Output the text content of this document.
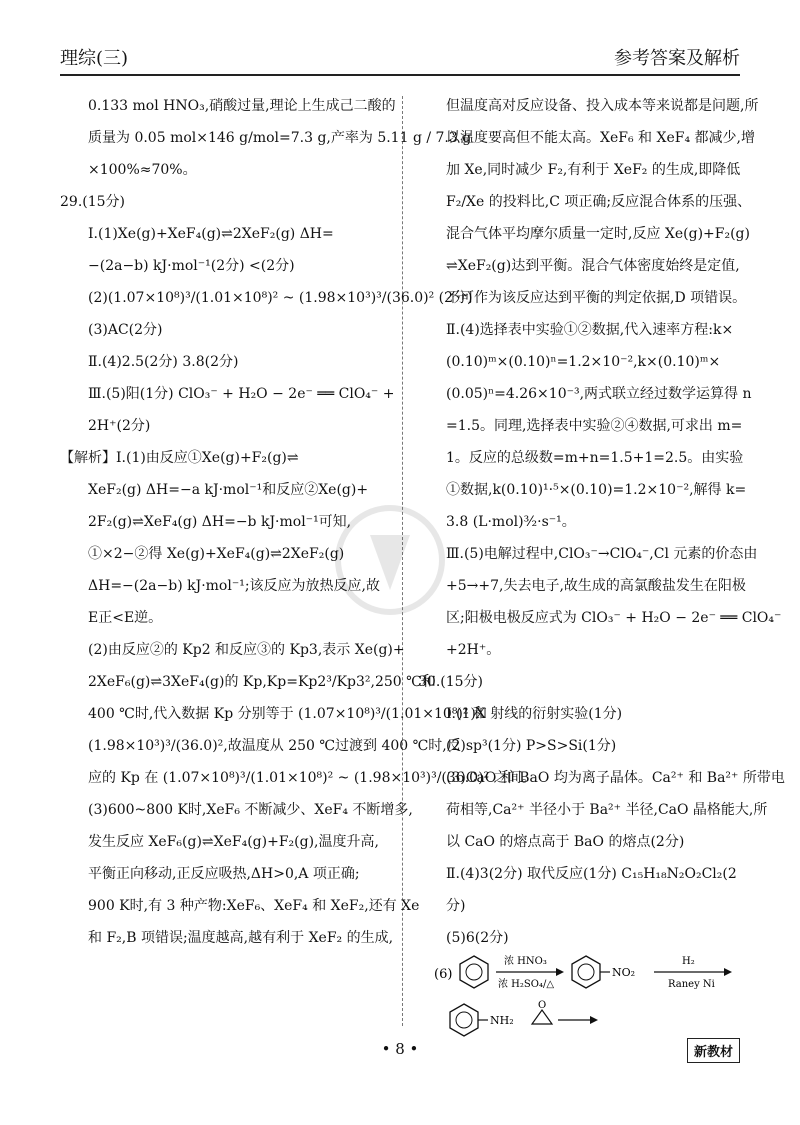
理综(三)	参考答案及解析
0.133 mol HNO₃,硝酸过量,理论上生成己二酸的
质量为 0.05 mol×146 g/mol=7.3 g,产率为 5.11 g / 7.3 g
×100%≈70%。
29.(15分)
Ⅰ.(1)Xe(g)+XeF₄(g)⇌2XeF₂(g) ΔH=
−(2a−b) kJ·mol⁻¹(2分) <(2分)
(2)(1.07×10⁸)³/(1.01×10⁸)² ~ (1.98×10³)³/(36.0)² (2分)
(3)AC(2分)
Ⅱ.(4)2.5(2分) 3.8(2分)
Ⅲ.(5)阳(1分) ClO₃⁻ + H₂O − 2e⁻ ══ ClO₄⁻ +
2H⁺(2分)
【解析】Ⅰ.(1)由反应①Xe(g)+F₂(g)⇌
XeF₂(g) ΔH=−a kJ·mol⁻¹和反应②Xe(g)+
2F₂(g)⇌XeF₄(g) ΔH=−b kJ·mol⁻¹可知,
①×2−②得 Xe(g)+XeF₄(g)⇌2XeF₂(g)
ΔH=−(2a−b) kJ·mol⁻¹;该反应为放热反应,故
E正<E逆。
(2)由反应②的 Kp2 和反应③的 Kp3,表示 Xe(g)+
2XeF₆(g)⇌3XeF₄(g)的 Kp,Kp=Kp2³/Kp3²,250 ℃和
400 ℃时,代入数据 Kp 分别等于 (1.07×10⁸)³/(1.01×10⁸)² 和
(1.98×10³)³/(36.0)²,故温度从 250 ℃过渡到 400 ℃时,反
应的 Kp 在 (1.07×10⁸)³/(1.01×10⁸)² ~ (1.98×10³)³/(36.0)² 之间。
(3)600~800 K时,XeF₆ 不断减少、XeF₄ 不断增多,
发生反应 XeF₆(g)⇌XeF₄(g)+F₂(g),温度升高,
平衡正向移动,正反应吸热,ΔH>0,A 项正确;
900 K时,有 3 种产物:XeF₆、XeF₄ 和 XeF₂,还有 Xe
和 F₂,B 项错误;温度越高,越有利于 XeF₂ 的生成,
但温度高对反应设备、投入成本等来说都是问题,所
以温度要高但不能太高。XeF₆ 和 XeF₄ 都减少,增
加 Xe,同时减少 F₂,有利于 XeF₂ 的生成,即降低
F₂/Xe 的投料比,C 项正确;反应混合体系的压强、
混合气体平均摩尔质量一定时,反应 Xe(g)+F₂(g)
⇌XeF₂(g)达到平衡。混合气体密度始终是定值,
不可作为该反应达到平衡的判定依据,D 项错误。
Ⅱ.(4)选择表中实验①②数据,代入速率方程:k×
(0.10)ᵐ×(0.10)ⁿ=1.2×10⁻²,k×(0.10)ᵐ×
(0.05)ⁿ=4.26×10⁻³,两式联立经过数学运算得 n
=1.5。同理,选择表中实验②④数据,可求出 m=
1。反应的总级数=m+n=1.5+1=2.5。由实验
①数据,k(0.10)¹·⁵×(0.10)=1.2×10⁻²,解得 k=
3.8 (L·mol)³⁄₂·s⁻¹。
Ⅲ.(5)电解过程中,ClO₃⁻→ClO₄⁻,Cl 元素的价态由
+5→+7,失去电子,故生成的高氯酸盐发生在阳极
区;阳极电极反应式为 ClO₃⁻ + H₂O − 2e⁻ ══ ClO₄⁻
+2H⁺。
30.(15分)
Ⅰ.(1)X 射线的衍射实验(1分)
(2)sp³(1分) P>S>Si(1分)
(3)CaO 和 BaO 均为离子晶体。Ca²⁺ 和 Ba²⁺ 所带电
荷相等,Ca²⁺ 半径小于 Ba²⁺ 半径,CaO 晶格能大,所
以 CaO 的熔点高于 BaO 的熔点(2分)
Ⅱ.(4)3(2分) 取代反应(1分) C₁₅H₁₈N₂O₂Cl₂(2
分)
(5)6(2分)
(6)
浓 HNO₃
浓 H₂SO₄/△
NO₂
H₂
Raney Ni
NH₂
O
• 8 •	新教材
